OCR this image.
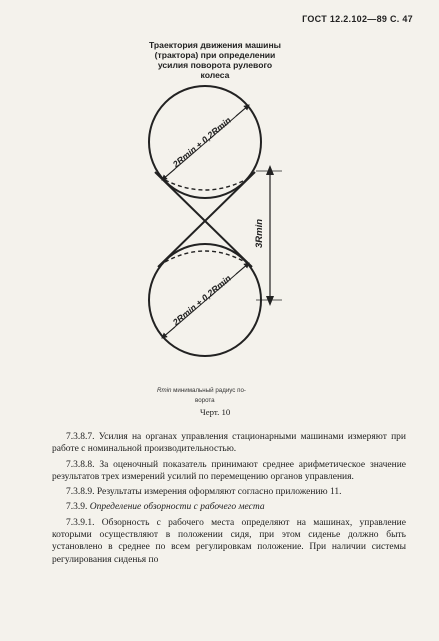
ГОСТ 12.2.102—89 С. 47
Траектория движения машины
(трактора) при определении
усилия поворота рулевого
колеса
2Rmin + 0,2Rmin
2Rmin + 0,2Rmin
3Rmin
Rmin минимальный радиус по-
ворота
Черт. 10

7.3.8.7. Усилия на органах управления стационарными машинами измеряют при работе с номинальной производительностью.

7.3.8.8. За оценочный показатель принимают среднее арифметическое значение результатов трех измерений усилий по перемещению органов управления.

7.3.8.9. Результаты измерения оформляют согласно приложению 11.

7.3.9. Определение обзорности с рабочего места

7.3.9.1. Обзорность с рабочего места определяют на машинах, управление которыми осуществляют в положении сидя, при этом сиденье должно быть установлено в среднее по всем регулировкам положение. При наличии системы регулирования сиденья по
